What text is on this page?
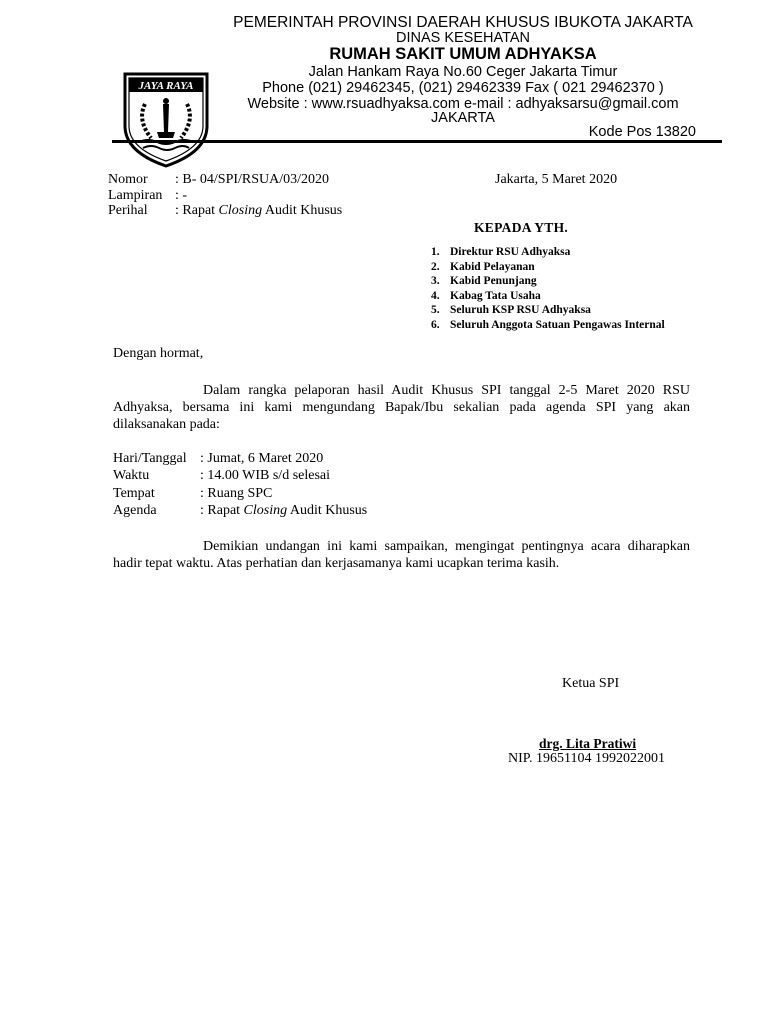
PEMERINTAH PROVINSI DAERAH KHUSUS IBUKOTA JAKARTA
DINAS KESEHATAN
RUMAH SAKIT UMUM ADHYAKSA
Jalan Hankam Raya No.60 Ceger Jakarta Timur
Phone (021) 29462345, (021) 29462339 Fax ( 021 29462370 )
Website : www.rsuadhyaksa.com e-mail : adhyaksarsu@gmail.com
JAKARTA
Kode Pos 13820
JAYA RAYA
Nomor : B- 04/SPI/RSUA/03/2020
Lampiran : -
Perihal : Rapat Closing Audit Khusus
Jakarta, 5 Maret 2020
KEPADA YTH.
1. Direktur RSU Adhyaksa
2. Kabid Pelayanan
3. Kabid Penunjang
4. Kabag Tata Usaha
5. Seluruh KSP RSU Adhyaksa
6. Seluruh Anggota Satuan Pengawas Internal
Dengan hormat,
Dalam rangka pelaporan hasil Audit Khusus SPI tanggal 2-5 Maret 2020 RSU Adhyaksa, bersama ini kami mengundang Bapak/Ibu sekalian pada agenda SPI yang akan dilaksanakan pada:
Hari/Tanggal : Jumat, 6 Maret 2020
Waktu	: 14.00 WIB s/d selesai
Tempat	: Ruang SPC
Agenda	: Rapat Closing Audit Khusus
Demikian undangan ini kami sampaikan, mengingat pentingnya acara diharapkan hadir tepat waktu. Atas perhatian dan kerjasamanya kami ucapkan terima kasih.
Ketua SPI
drg. Lita Pratiwi
NIP. 19651104 1992022001
